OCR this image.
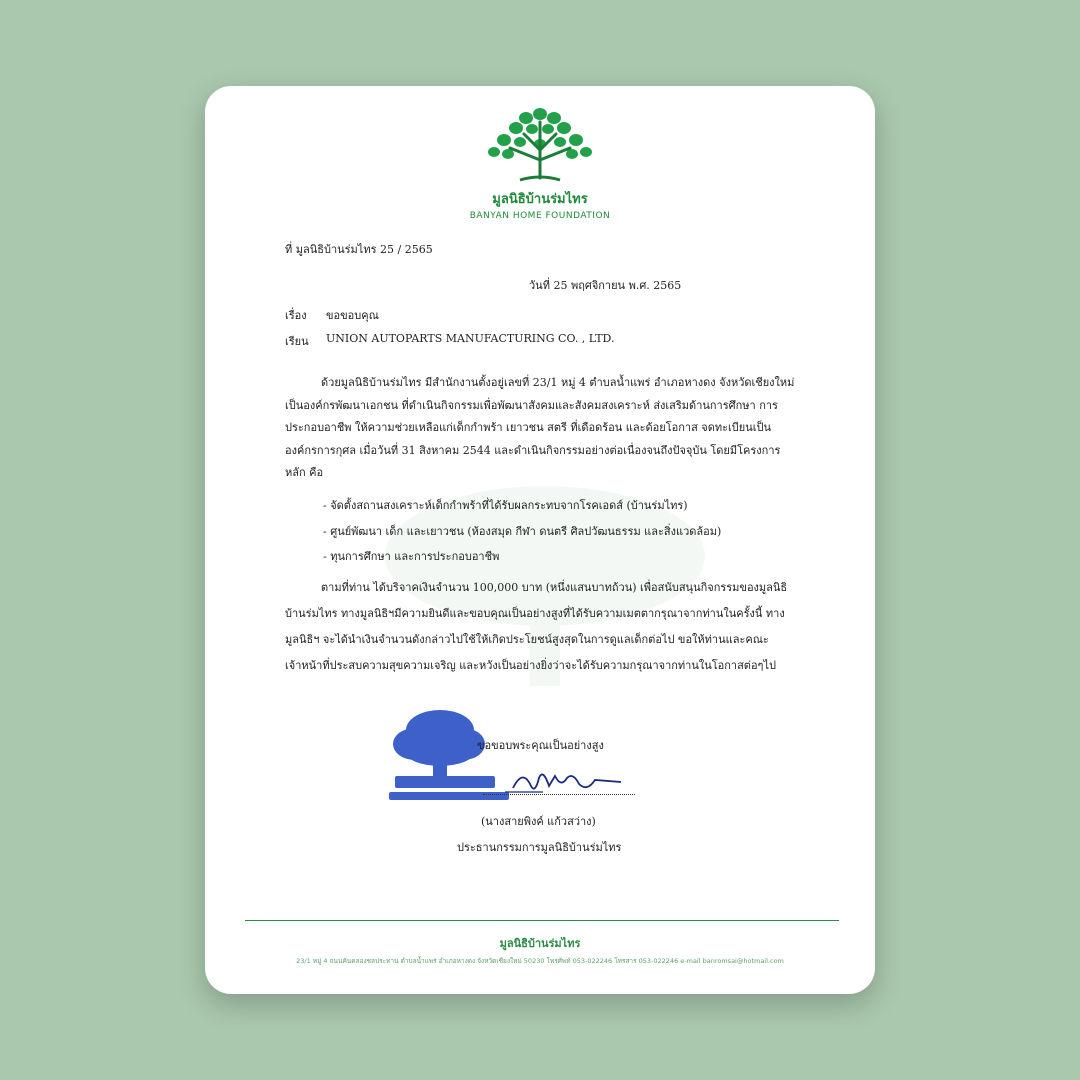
มูลนิธิบ้านร่มไทร
BANYAN HOME FOUNDATION
ที่ มูลนิธิบ้านร่มไทร 25 / 2565
วันที่ 25 พฤศจิกายน พ.ศ. 2565
เรื่อง ขอขอบคุณ
เรียน UNION AUTOPARTS MANUFACTURING CO. , LTD.
ด้วยมูลนิธิบ้านร่มไทร มีสำนักงานตั้งอยู่เลขที่ 23/1 หมู่ 4 ตำบลน้ำแพร่ อำเภอหางดง จังหวัดเชียงใหม่
เป็นองค์กรพัฒนาเอกชน ที่ดำเนินกิจกรรมเพื่อพัฒนาสังคมและสังคมสงเคราะห์ ส่งเสริมด้านการศึกษา การ
ประกอบอาชีพ ให้ความช่วยเหลือแก่เด็กกำพร้า เยาวชน สตรี ที่เดือดร้อน และด้อยโอกาส จดทะเบียนเป็น
องค์กรการกุศล เมื่อวันที่ 31 สิงหาคม 2544 และดำเนินกิจกรรมอย่างต่อเนื่องจนถึงปัจจุบัน โดยมีโครงการ
หลัก คือ
- จัดตั้งสถานสงเคราะห์เด็กกำพร้าที่ได้รับผลกระทบจากโรคเอดส์ (บ้านร่มไทร)
- ศูนย์พัฒนา เด็ก และเยาวชน (ห้องสมุด กีฬา ดนตรี ศิลปวัฒนธรรม และสิ่งแวดล้อม)
- ทุนการศึกษา และการประกอบอาชีพ
ตามที่ท่าน ได้บริจาคเงินจำนวน 100,000 บาท (หนึ่งแสนบาทถ้วน) เพื่อสนับสนุนกิจกรรมของมูลนิธิ
บ้านร่มไทร ทางมูลนิธิฯมีความยินดีและขอบคุณเป็นอย่างสูงที่ได้รับความเมตตากรุณาจากท่านในครั้งนี้ ทาง
มูลนิธิฯ จะได้นำเงินจำนวนดังกล่าวไปใช้ให้เกิดประโยชน์สูงสุดในการดูแลเด็กต่อไป ขอให้ท่านและคณะ
เจ้าหน้าที่ประสบความสุขความเจริญ และหวังเป็นอย่างยิ่งว่าจะได้รับความกรุณาจากท่านในโอกาสต่อๆไป
ขอขอบพระคุณเป็นอย่างสูง
(นางสายพิงค์ แก้วสว่าง)
ประธานกรรมการมูลนิธิบ้านร่มไทร
มูลนิธิบ้านร่มไทร
23/1 หมู่ 4 ถนนคันคลองชลประทาน ตำบลน้ำแพร่ อำเภอหางดง จังหวัดเชียงใหม่ 50230 โทรศัพท์ 053-022246 โทรสาร 053-022246 e-mail banromsai@hotmail.com
